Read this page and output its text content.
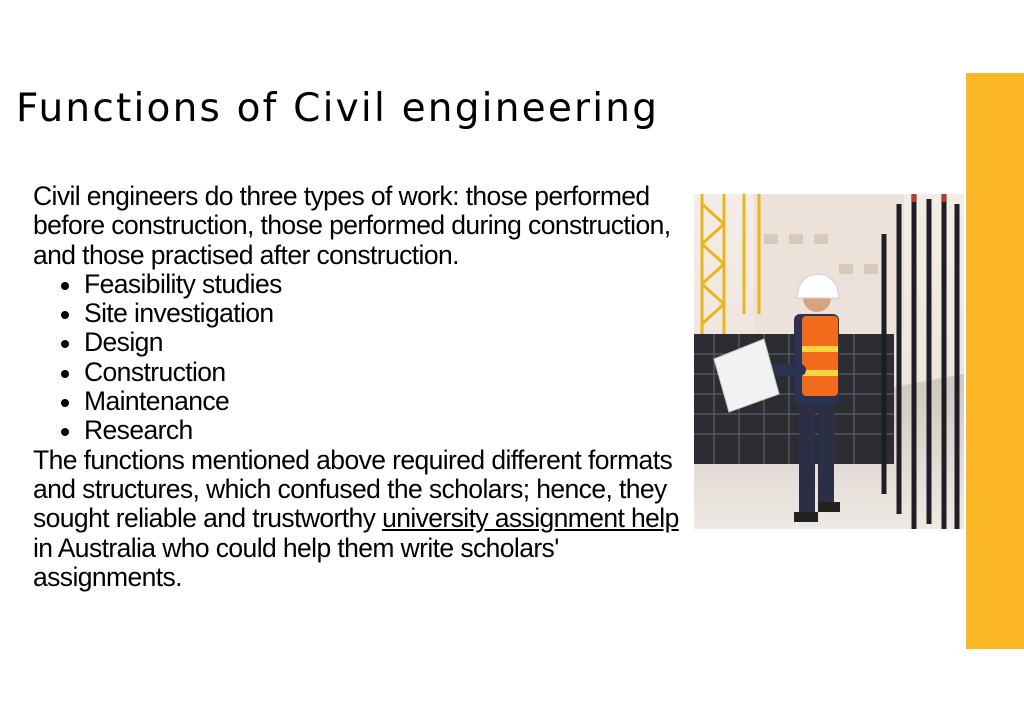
Functions of Civil engineering

Civil engineers do three types of work: those performed before construction, those performed during construction, and those practised after construction.

Feasibility studies
Site investigation
Design
Construction
Maintenance
Research

The functions mentioned above required different formats and structures, which confused the scholars; hence, they sought reliable and trustworthy university assignment help in Australia who could help them write scholars' assignments.
